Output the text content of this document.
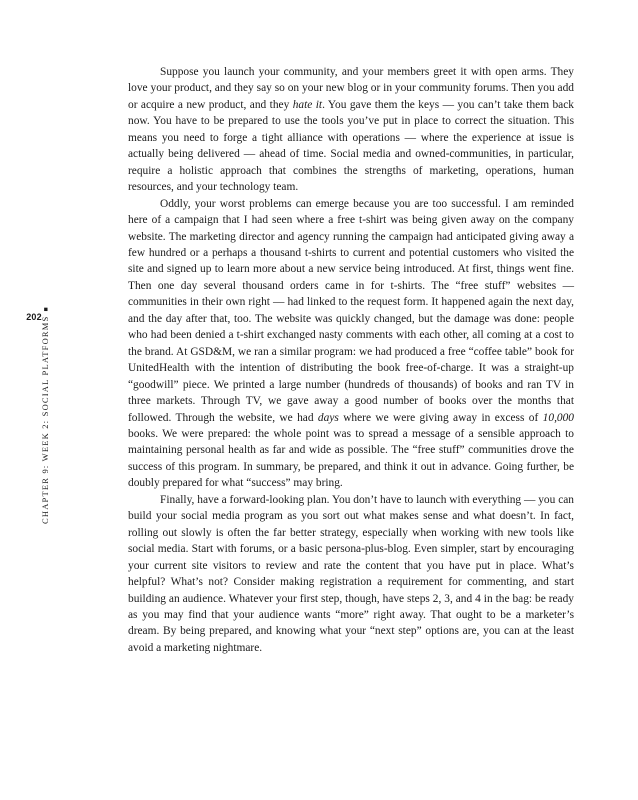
202
CHAPTER 9: WEEK 2: SOCIAL PLATFORMS■

Suppose you launch your community, and your members greet it with open arms. They love your product, and they say so on your new blog or in your community forums. Then you add or acquire a new product, and they hate it. You gave them the keys — you can’t take them back now. You have to be prepared to use the tools you’ve put in place to correct the situation. This means you need to forge a tight alliance with operations — where the experience at issue is actually being delivered — ahead of time. Social media and owned-communities, in particular, require a holistic approach that combines the strengths of marketing, operations, human resources, and your technology team.

Oddly, your worst problems can emerge because you are too successful. I am reminded here of a campaign that I had seen where a free t-shirt was being given away on the company website. The marketing director and agency running the campaign had anticipated giving away a few hundred or a perhaps a thousand t-shirts to current and potential customers who visited the site and signed up to learn more about a new service being introduced. At first, things went fine. Then one day several thousand orders came in for t-shirts. The “free stuff” websites — communities in their own right — had linked to the request form. It happened again the next day, and the day after that, too. The website was quickly changed, but the damage was done: people who had been denied a t-shirt exchanged nasty comments with each other, all coming at a cost to the brand. At GSD&M, we ran a similar program: we had produced a free “coffee table” book for UnitedHealth with the intention of distributing the book free-of-charge. It was a straight-up “goodwill” piece. We printed a large number (hundreds of thousands) of books and ran TV in three markets. Through TV, we gave away a good number of books over the months that followed. Through the website, we had days where we were giving away in excess of 10,000 books. We were prepared: the whole point was to spread a message of a sensible approach to maintaining personal health as far and wide as possible. The “free stuff” communities drove the success of this program. In summary, be prepared, and think it out in advance. Going further, be doubly prepared for what “success” may bring.

Finally, have a forward-looking plan. You don’t have to launch with everything — you can build your social media program as you sort out what makes sense and what doesn’t. In fact, rolling out slowly is often the far better strategy, especially when working with new tools like social media. Start with forums, or a basic persona-plus-blog. Even simpler, start by encouraging your current site visitors to review and rate the content that you have put in place. What’s helpful? What’s not? Consider making registration a requirement for commenting, and start building an audience. Whatever your first step, though, have steps 2, 3, and 4 in the bag: be ready as you may find that your audience wants “more” right away. That ought to be a marketer’s dream. By being prepared, and knowing what your “next step” options are, you can at the least avoid a marketing nightmare.
